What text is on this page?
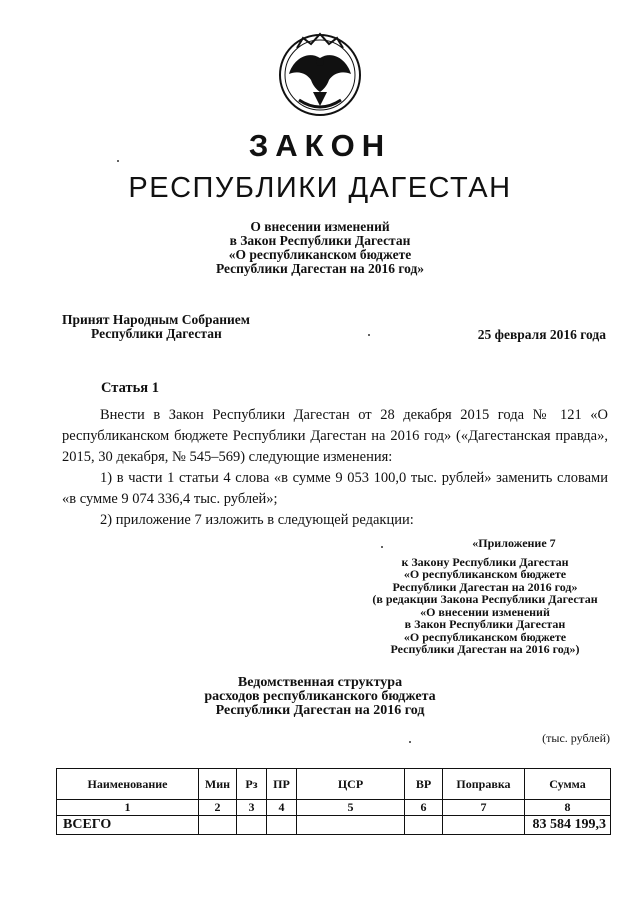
ЗАКОН
РЕСПУБЛИКИ ДАГЕСТАН
О внесении изменений
в Закон Республики Дагестан
«О республиканском бюджете
Республики Дагестан на 2016 год»
Принят Народным Собранием
Республики Дагестан	25 февраля 2016 года
Статья 1

Внести в Закон Республики Дагестан от 28 декабря 2015 года № 121 «О республиканском бюджете Республики Дагестан на 2016 год» («Дагестанская правда», 2015, 30 декабря, № 545–569) следующие изменения:

1) в части 1 статьи 4 слова «в сумме 9 053 100,0 тыс. рублей» заменить словами «в сумме 9 074 336,4 тыс. рублей»;

2) приложение 7 изложить в следующей редакции:

«Приложение 7
к Закону Республики Дагестан
«О республиканском бюджете
Республики Дагестан на 2016 год»
(в редакции Закона Республики Дагестан
«О внесении изменений
в Закон Республики Дагестан
«О республиканском бюджете
Республики Дагестан на 2016 год»)
Ведомственная структура
расходов республиканского бюджета
Республики Дагестан на 2016 год
(тыс. рублей)
Наименование	Мин	Рз	ПР	ЦСР	ВР	Поправка	Сумма
1	2	3	4	5	6	7	8
ВСЕГО							83 584 199,3
